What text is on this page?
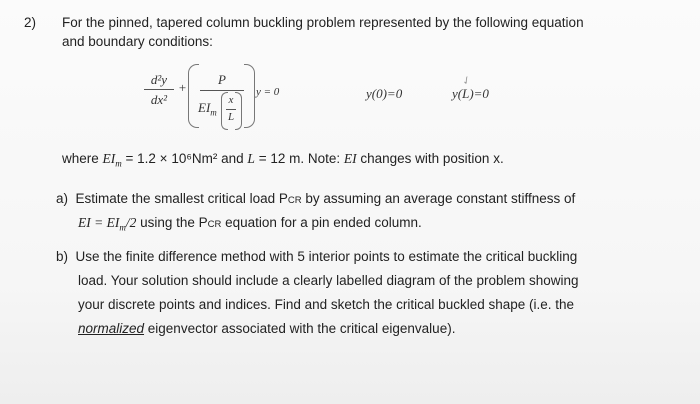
2) For the pinned, tapered column buckling problem represented by the following equation
and boundary conditions:
d²y
dx²
+
P
$EI_m$
x
L
y = 0	y(0)=0	y(L)=0
✓
where $EI_m = 1.2 \times 10^6Nm^2$ and L = 12 m. Note: EI changes with position x.
a) Estimate the smallest critical load PCR by assuming an average constant stiffness of
EI = $EI_m/2$ using the PCR equation for a pin ended column.
b) Use the finite difference method with 5 interior points to estimate the critical buckling
load. Your solution should include a clearly labelled diagram of the problem showing
your discrete points and indices. Find and sketch the critical buckled shape (i.e. the
normalized eigenvector associated with the critical eigenvalue).
